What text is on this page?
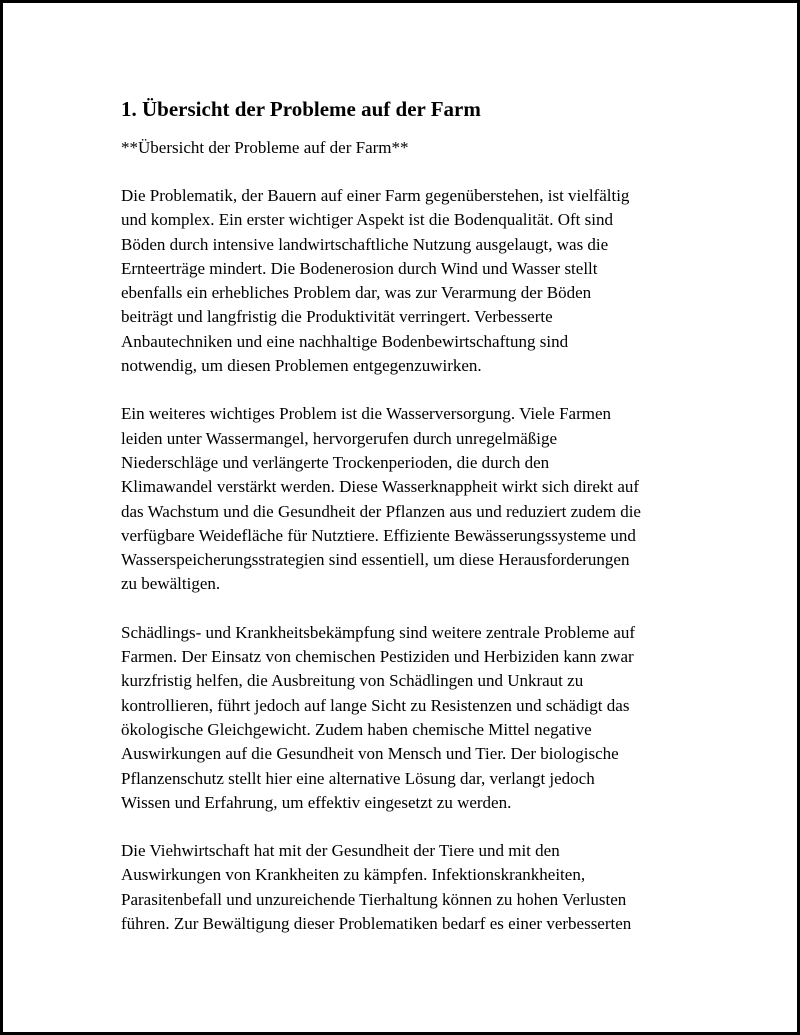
1. Übersicht der Probleme auf der Farm
**Übersicht der Probleme auf der Farm**

Die Problematik, der Bauern auf einer Farm gegenüberstehen, ist vielfältig
und komplex. Ein erster wichtiger Aspekt ist die Bodenqualität. Oft sind
Böden durch intensive landwirtschaftliche Nutzung ausgelaugt, was die
Ernteerträge mindert. Die Bodenerosion durch Wind und Wasser stellt
ebenfalls ein erhebliches Problem dar, was zur Verarmung der Böden
beiträgt und langfristig die Produktivität verringert. Verbesserte
Anbautechniken und eine nachhaltige Bodenbewirtschaftung sind
notwendig, um diesen Problemen entgegenzuwirken.

Ein weiteres wichtiges Problem ist die Wasserversorgung. Viele Farmen
leiden unter Wassermangel, hervorgerufen durch unregelmäßige
Niederschläge und verlängerte Trockenperioden, die durch den
Klimawandel verstärkt werden. Diese Wasserknappheit wirkt sich direkt auf
das Wachstum und die Gesundheit der Pflanzen aus und reduziert zudem die
verfügbare Weidefläche für Nutztiere. Effiziente Bewässerungssysteme und
Wasserspeicherungsstrategien sind essentiell, um diese Herausforderungen
zu bewältigen.

Schädlings- und Krankheitsbekämpfung sind weitere zentrale Probleme auf
Farmen. Der Einsatz von chemischen Pestiziden und Herbiziden kann zwar
kurzfristig helfen, die Ausbreitung von Schädlingen und Unkraut zu
kontrollieren, führt jedoch auf lange Sicht zu Resistenzen und schädigt das
ökologische Gleichgewicht. Zudem haben chemische Mittel negative
Auswirkungen auf die Gesundheit von Mensch und Tier. Der biologische
Pflanzenschutz stellt hier eine alternative Lösung dar, verlangt jedoch
Wissen und Erfahrung, um effektiv eingesetzt zu werden.

Die Viehwirtschaft hat mit der Gesundheit der Tiere und mit den
Auswirkungen von Krankheiten zu kämpfen. Infektionskrankheiten,
Parasitenbefall und unzureichende Tierhaltung können zu hohen Verlusten
führen. Zur Bewältigung dieser Problematiken bedarf es einer verbesserten
